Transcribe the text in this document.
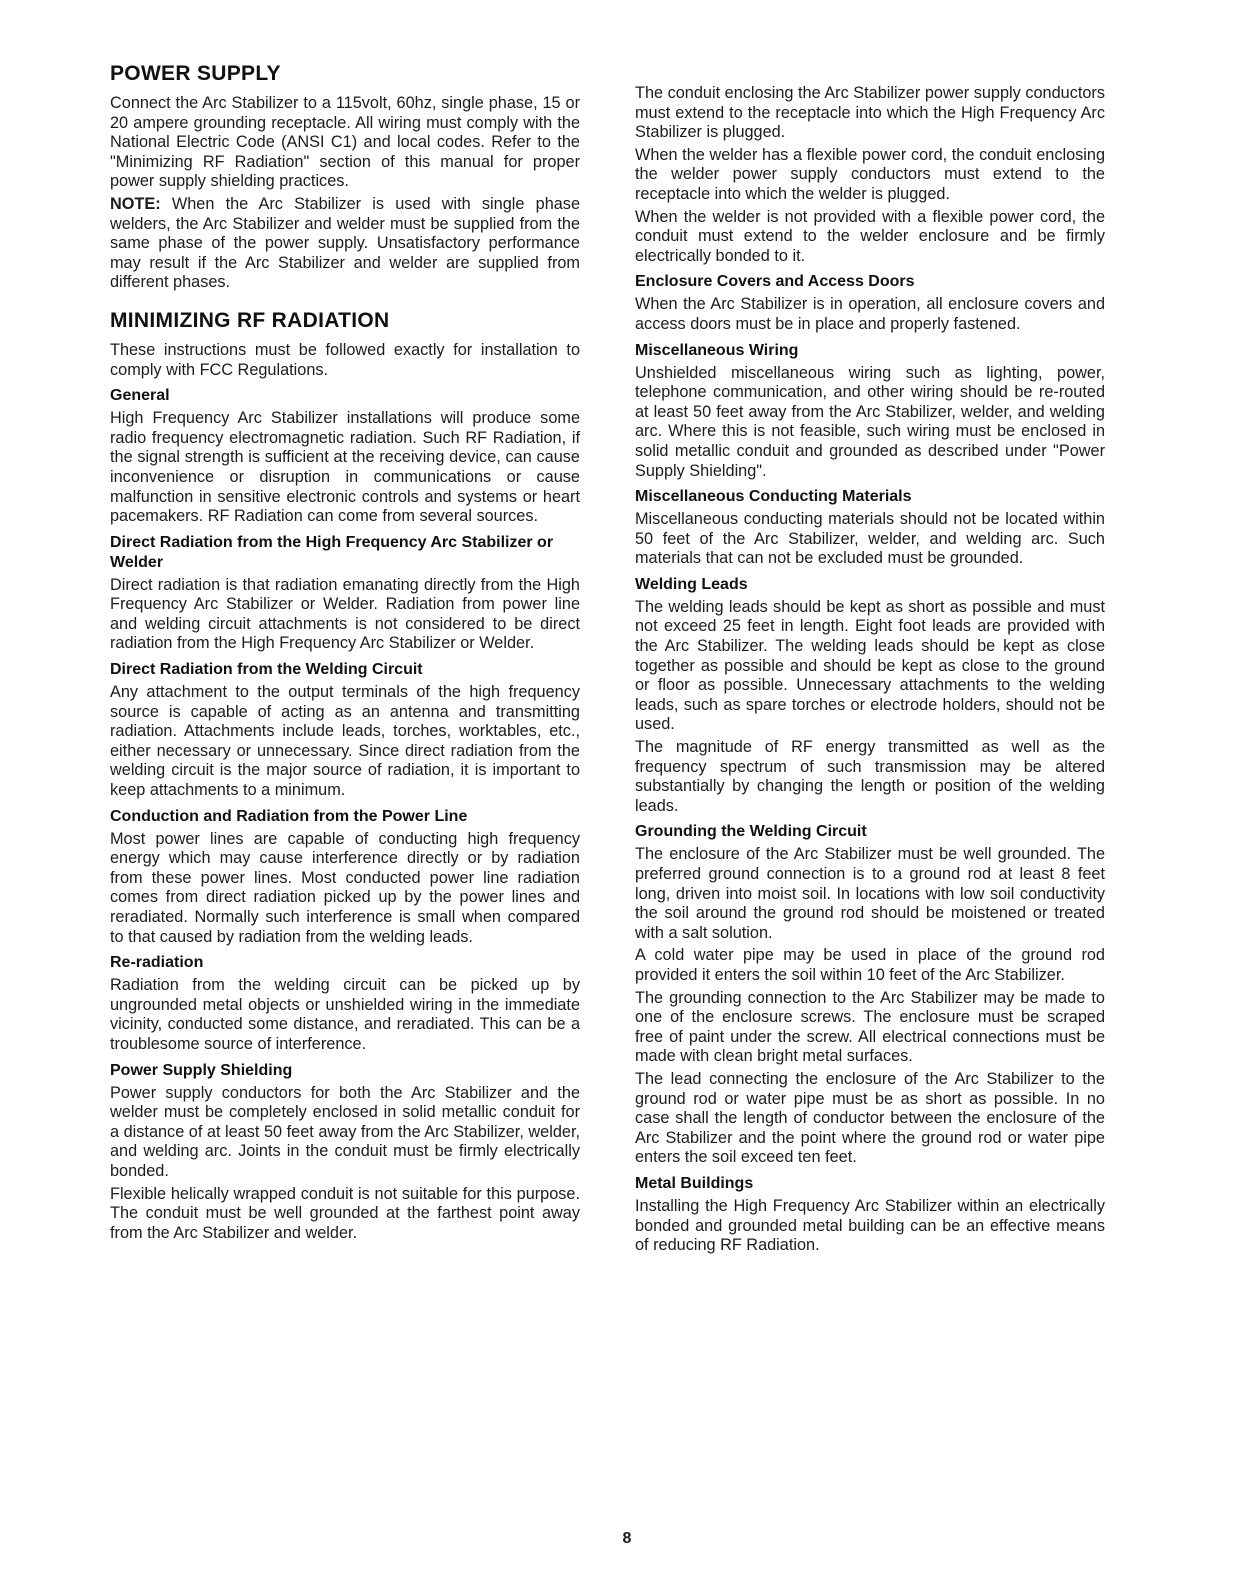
POWER SUPPLY

Connect the Arc Stabilizer to a 115volt, 60hz, single phase, 15 or 20 ampere grounding receptacle. All wiring must comply with the National Electric Code (ANSI C1) and local codes. Refer to the "Minimizing RF Radiation" section of this manual for proper power supply shielding practices.

NOTE: When the Arc Stabilizer is used with single phase welders, the Arc Stabilizer and welder must be supplied from the same phase of the power supply. Unsatisfactory performance may result if the Arc Stabilizer and welder are supplied from different phases.

MINIMIZING RF RADIATION

These instructions must be followed exactly for installation to comply with FCC Regulations.

General

High Frequency Arc Stabilizer installations will produce some radio frequency electromagnetic radiation. Such RF Radiation, if the signal strength is sufficient at the receiving device, can cause inconvenience or disruption in communications or cause malfunction in sensitive electronic controls and systems or heart pacemakers. RF Radiation can come from several sources.

Direct Radiation from the High Frequency Arc Stabilizer or Welder

Direct radiation is that radiation emanating directly from the High Frequency Arc Stabilizer or Welder. Radiation from power line and welding circuit attachments is not considered to be direct radiation from the High Frequency Arc Stabilizer or Welder.

Direct Radiation from the Welding Circuit

Any attachment to the output terminals of the high frequency source is capable of acting as an antenna and transmitting radiation. Attachments include leads, torches, worktables, etc., either necessary or unnecessary. Since direct radiation from the welding circuit is the major source of radiation, it is important to keep attachments to a minimum.

Conduction and Radiation from the Power Line

Most power lines are capable of conducting high frequency energy which may cause interference directly or by radiation from these power lines. Most conducted power line radiation comes from direct radiation picked up by the power lines and reradiated. Normally such interference is small when compared to that caused by radiation from the welding leads.

Re-radiation

Radiation from the welding circuit can be picked up by ungrounded metal objects or unshielded wiring in the immediate vicinity, conducted some distance, and reradiated. This can be a troublesome source of interference.

Power Supply Shielding

Power supply conductors for both the Arc Stabilizer and the welder must be completely enclosed in solid metallic conduit for a distance of at least 50 feet away from the Arc Stabilizer, welder, and welding arc. Joints in the conduit must be firmly electrically bonded.

Flexible helically wrapped conduit is not suitable for this purpose. The conduit must be well grounded at the farthest point away from the Arc Stabilizer and welder.

The conduit enclosing the Arc Stabilizer power supply conductors must extend to the receptacle into which the High Frequency Arc Stabilizer is plugged.

When the welder has a flexible power cord, the conduit enclosing the welder power supply conductors must extend to the receptacle into which the welder is plugged.

When the welder is not provided with a flexible power cord, the conduit must extend to the welder enclosure and be firmly electrically bonded to it.

Enclosure Covers and Access Doors

When the Arc Stabilizer is in operation, all enclosure covers and access doors must be in place and properly fastened.

Miscellaneous Wiring

Unshielded miscellaneous wiring such as lighting, power, telephone communication, and other wiring should be re-routed at least 50 feet away from the Arc Stabilizer, welder, and welding arc. Where this is not feasible, such wiring must be enclosed in solid metallic conduit and grounded as described under "Power Supply Shielding".

Miscellaneous Conducting Materials

Miscellaneous conducting materials should not be located within 50 feet of the Arc Stabilizer, welder, and welding arc. Such materials that can not be excluded must be grounded.

Welding Leads

The welding leads should be kept as short as possible and must not exceed 25 feet in length. Eight foot leads are provided with the Arc Stabilizer. The welding leads should be kept as close together as possible and should be kept as close to the ground or floor as possible. Unnecessary attachments to the welding leads, such as spare torches or electrode holders, should not be used.

The magnitude of RF energy transmitted as well as the frequency spectrum of such transmission may be altered substantially by changing the length or position of the welding leads.

Grounding the Welding Circuit

The enclosure of the Arc Stabilizer must be well grounded. The preferred ground connection is to a ground rod at least 8 feet long, driven into moist soil. In locations with low soil conductivity the soil around the ground rod should be moistened or treated with a salt solution.

A cold water pipe may be used in place of the ground rod provided it enters the soil within 10 feet of the Arc Stabilizer.

The grounding connection to the Arc Stabilizer may be made to one of the enclosure screws. The enclosure must be scraped free of paint under the screw. All electrical connections must be made with clean bright metal surfaces.

The lead connecting the enclosure of the Arc Stabilizer to the ground rod or water pipe must be as short as possible. In no case shall the length of conductor between the enclosure of the Arc Stabilizer and the point where the ground rod or water pipe enters the soil exceed ten feet.

Metal Buildings

Installing the High Frequency Arc Stabilizer within an electrically bonded and grounded metal building can be an effective means of reducing RF Radiation.

8
